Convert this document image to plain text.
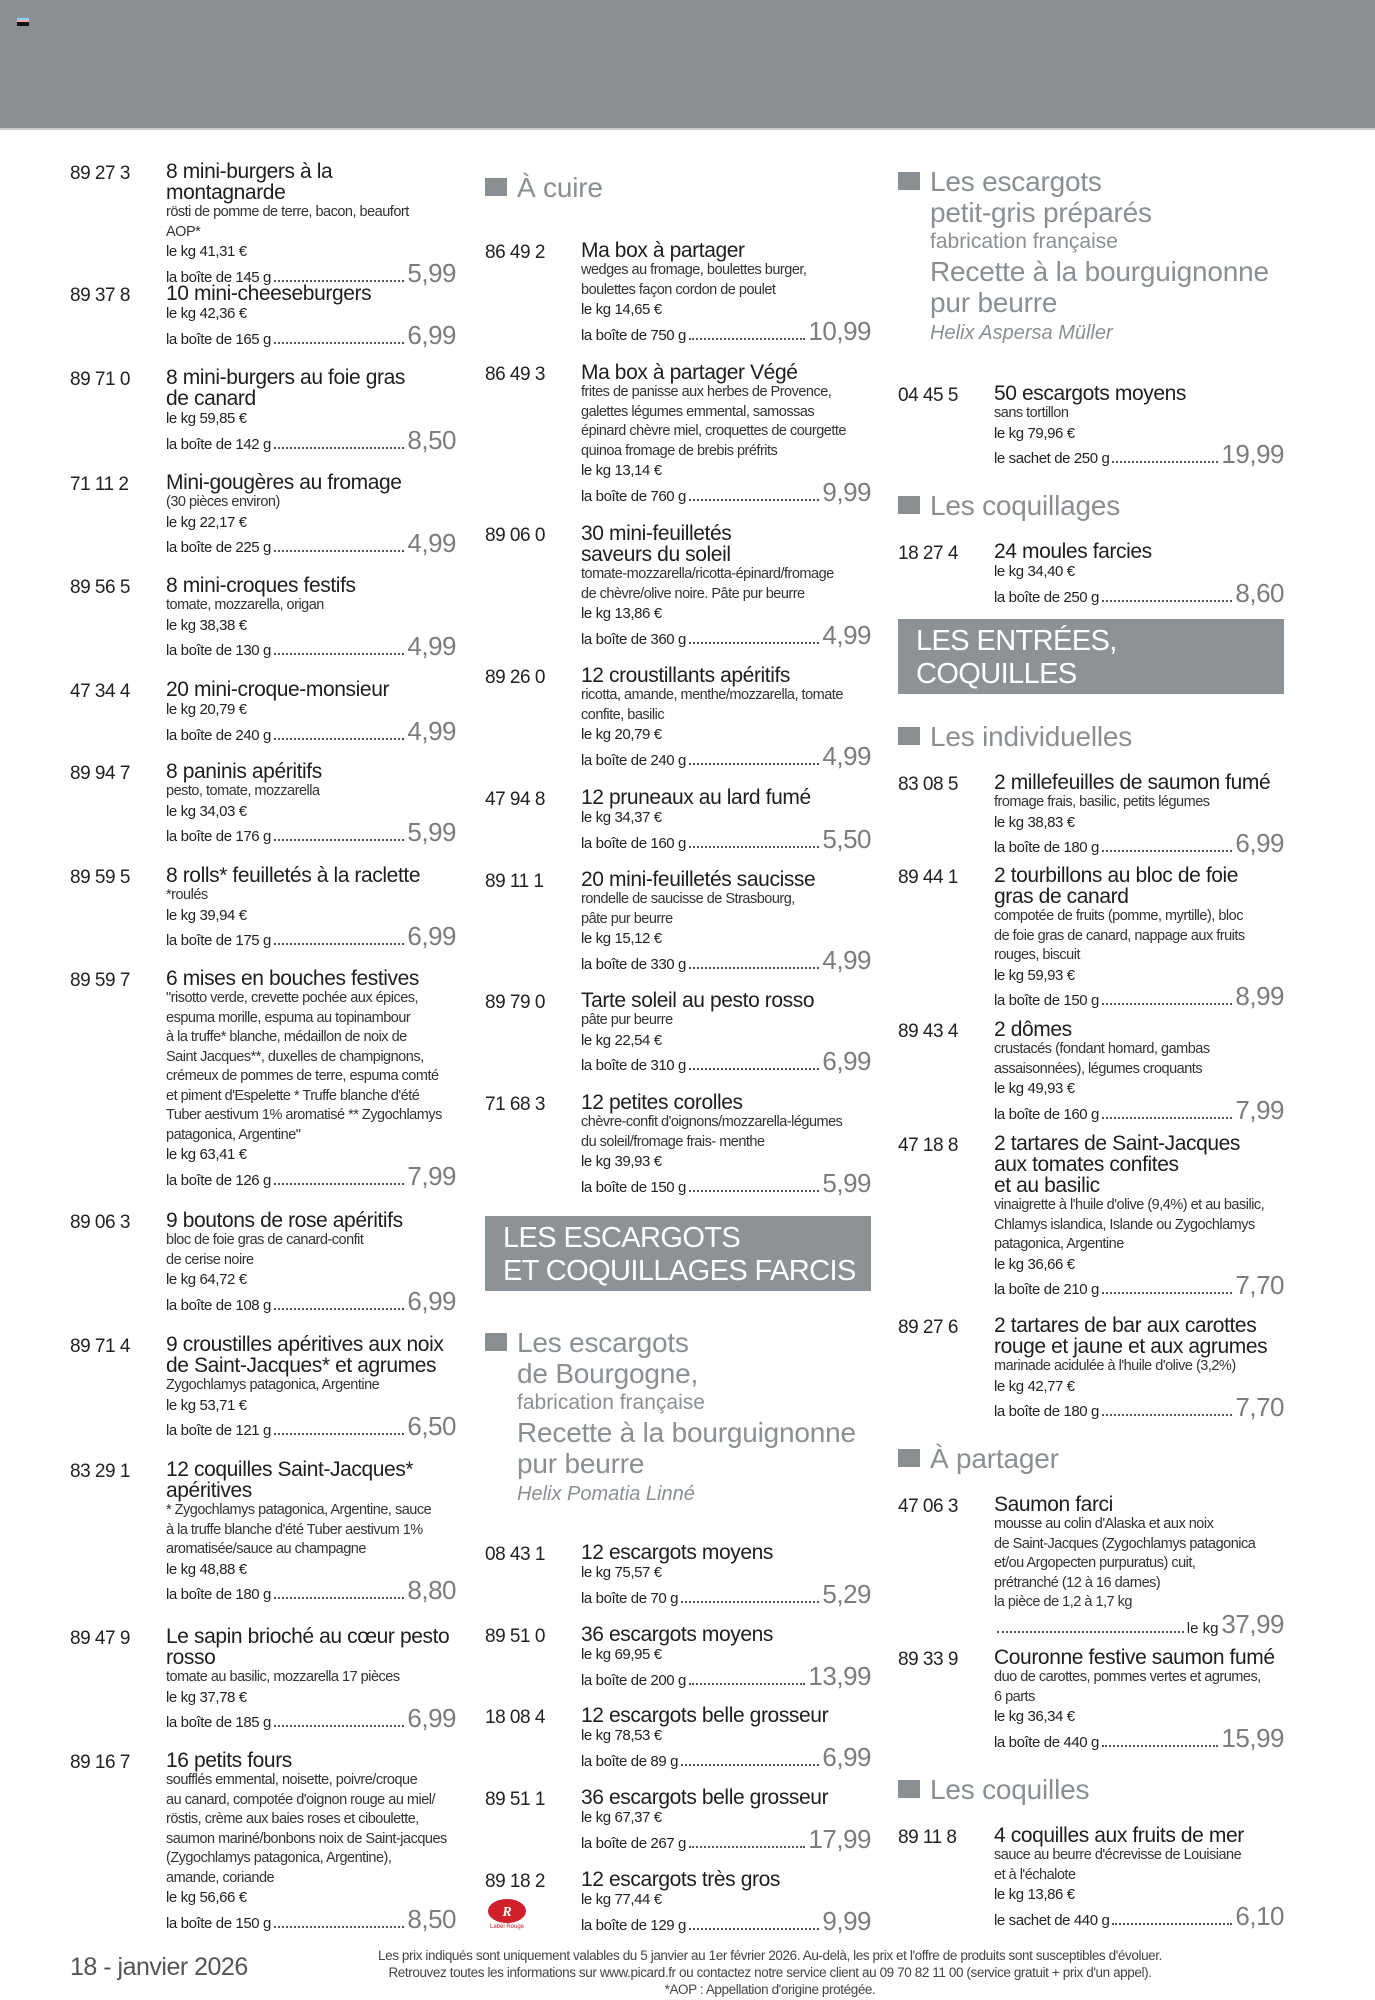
89 27 3 8 mini-burgers à la montagnarde
rösti de pomme de terre, bacon, beaufort
AOP*
le kg 41,31 €
la boîte de 145 g	5,99
89 37 8 10 mini-cheeseburgers
le kg 42,36 €
la boîte de 165 g	6,99
89 71 0 8 mini-burgers au foie gras
de canard
le kg 59,85 €
la boîte de 142 g	8,50
71 11 2 Mini-gougères au fromage
(30 pièces environ)
le kg 22,17 €
la boîte de 225 g	4,99
89 56 5 8 mini-croques festifs
tomate, mozzarella, origan
le kg 38,38 €
la boîte de 130 g	4,99
47 34 4 20 mini-croque-monsieur
le kg 20,79 €
la boîte de 240 g	4,99
89 94 7 8 paninis apéritifs
pesto, tomate, mozzarella
le kg 34,03 €
la boîte de 176 g	5,99
89 59 5 8 rolls* feuilletés à la raclette
*roulés
le kg 39,94 €
la boîte de 175 g	6,99
89 59 7 6 mises en bouches festives
"risotto verde, crevette pochée aux épices,
espuma morille, espuma au topinambour
à la truffe* blanche, médaillon de noix de
Saint Jacques**, duxelles de champignons,
crémeux de pommes de terre, espuma comté
et piment d'Espelette * Truffe blanche d'été
Tuber aestivum 1% aromatisé ** Zygochlamys
patagonica, Argentine"
le kg 63,41 €
la boîte de 126 g	7,99
89 06 3 9 boutons de rose apéritifs
bloc de foie gras de canard-confit
de cerise noire
le kg 64,72 €
la boîte de 108 g	6,99
89 71 4 9 croustilles apéritives aux noix
de Saint-Jacques* et agrumes
Zygochlamys patagonica, Argentine
le kg 53,71 €
la boîte de 121 g	6,50
83 29 1 12 coquilles Saint-Jacques*
apéritives
* Zygochlamys patagonica, Argentine, sauce
à la truffe blanche d'été Tuber aestivum 1%
aromatisée/sauce au champagne
le kg 48,88 €
la boîte de 180 g	8,80
89 47 9 Le sapin brioché au cœur pesto
rosso
tomate au basilic, mozzarella 17 pièces
le kg 37,78 €
la boîte de 185 g	6,99
89 16 7 16 petits fours
soufflés emmental, noisette, poivre/croque
au canard, compotée d'oignon rouge au miel/
röstis, crème aux baies roses et ciboulette,
saumon mariné/bonbons noix de Saint-jacques
(Zygochlamys patagonica, Argentine),
amande, coriande
le kg 56,66 €
la boîte de 150 g	8,50
À cuire
86 49 2 Ma box à partager
wedges au fromage, boulettes burger,
boulettes façon cordon de poulet
le kg 14,65 €
la boîte de 750 g	10,99
86 49 3 Ma box à partager Végé
frites de panisse aux herbes de Provence,
galettes légumes emmental, samossas
épinard chèvre miel, croquettes de courgette
quinoa fromage de brebis préfrits
le kg 13,14 €
la boîte de 760 g	9,99
89 06 0 30 mini-feuilletés
saveurs du soleil
tomate-mozzarella/ricotta-épinard/fromage
de chèvre/olive noire. Pâte pur beurre
le kg 13,86 €
la boîte de 360 g	4,99
89 26 0 12 croustillants apéritifs
ricotta, amande, menthe/mozzarella, tomate
confite, basilic
le kg 20,79 €
la boîte de 240 g	4,99
47 94 8 12 pruneaux au lard fumé
le kg 34,37 €
la boîte de 160 g	5,50
89 11 1 20 mini-feuilletés saucisse
rondelle de saucisse de Strasbourg,
pâte pur beurre
le kg 15,12 €
la boîte de 330 g	4,99
89 79 0 Tarte soleil au pesto rosso
pâte pur beurre
le kg 22,54 €
la boîte de 310 g	6,99
71 68 3 12 petites corolles
chèvre-confit d'oignons/mozzarella-légumes
du soleil/fromage frais- menthe
le kg 39,93 €
la boîte de 150 g	5,99
LES ESCARGOTS
ET COQUILLAGES FARCIS
Les escargots
de Bourgogne,
fabrication française
Recette à la bourguignonne
pur beurre
Helix Pomatia Linné
08 43 1 12 escargots moyens
le kg 75,57 €
la boîte de 70 g	5,29
89 51 0 36 escargots moyens
le kg 69,95 €
la boîte de 200 g	13,99
18 08 4 12 escargots belle grosseur
le kg 78,53 €
la boîte de 89 g	6,99
89 51 1 36 escargots belle grosseur
le kg 67,37 €
la boîte de 267 g	17,99
89 18 2 12 escargots très gros
le kg 77,44 €
la boîte de 129 g	9,99
R
Label Rouge
Les escargots
petit-gris préparés
fabrication française
Recette à la bourguignonne
pur beurre
Helix Aspersa Müller
04 45 5 50 escargots moyens
sans tortillon
le kg 79,96 €
le sachet de 250 g	19,99
Les coquillages
18 27 4 24 moules farcies
le kg 34,40 €
la boîte de 250 g	8,60
LES ENTRÉES, COQUILLES
ET CASSOLETTES
Les individuelles
83 08 5 2 millefeuilles de saumon fumé
fromage frais, basilic, petits légumes
le kg 38,83 €
la boîte de 180 g	6,99
89 44 1 2 tourbillons au bloc de foie
gras de canard
compotée de fruits (pomme, myrtille), bloc
de foie gras de canard, nappage aux fruits
rouges, biscuit
le kg 59,93 €
la boîte de 150 g	8,99
89 43 4 2 dômes
crustacés (fondant homard, gambas
assaisonnées), légumes croquants
le kg 49,93 €
la boîte de 160 g	7,99
47 18 8 2 tartares de Saint-Jacques
aux tomates confites
et au basilic
vinaigrette à l'huile d'olive (9,4%) et au basilic,
Chlamys islandica, Islande ou Zygochlamys
patagonica, Argentine
le kg 36,66 €
la boîte de 210 g	7,70
89 27 6 2 tartares de bar aux carottes
rouge et jaune et aux agrumes
marinade acidulée à l'huile d'olive (3,2%)
le kg 42,77 €
la boîte de 180 g	7,70
À partager
47 06 3 Saumon farci
mousse au colin d'Alaska et aux noix
de Saint-Jacques (Zygochlamys patagonica
et/ou Argopecten purpuratus) cuit,
prétranché (12 à 16 darnes)
la pièce de 1,2 à 1,7 kg
le kg 37,99
89 33 9 Couronne festive saumon fumé
duo de carottes, pommes vertes et agrumes,
6 parts
le kg 36,34 €
la boîte de 440 g	15,99
Les coquilles
89 11 8 4 coquilles aux fruits de mer
sauce au beurre d'écrevisse de Louisiane
et à l'échalote
le kg 13,86 €
le sachet de 440 g	6,10
18 - janvier 2026	Les prix indiqués sont uniquement valables du 5 janvier au 1er février 2026. Au-delà, les prix et l'offre de produits sont susceptibles d'évoluer.
Retrouvez toutes les informations sur www.picard.fr ou contactez notre service client au 09 70 82 11 00 (service gratuit + prix d'un appel).
*AOP : Appellation d'origine protégée.
